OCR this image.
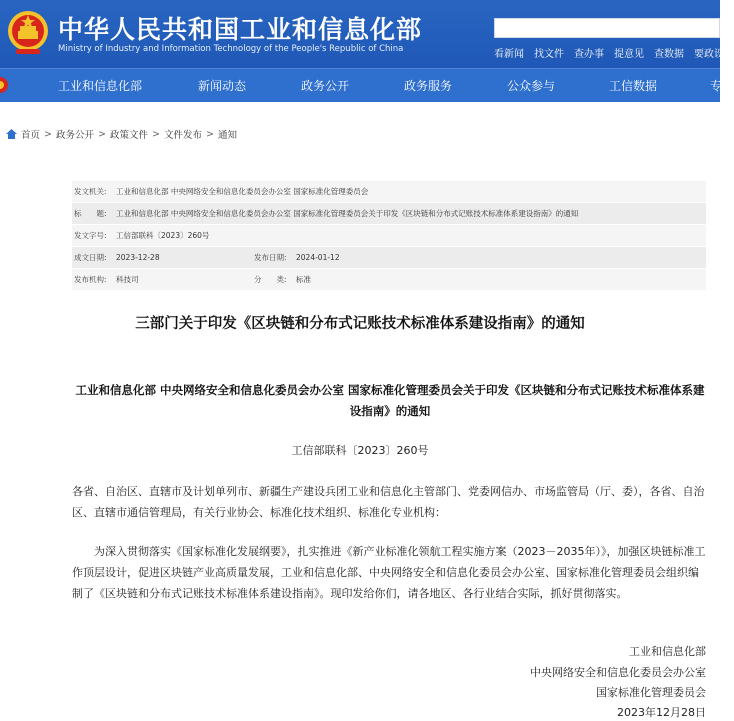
中华人民共和国工业和信息化部
Ministry of Industry and Information Technology of the People's Republic of China	看新闻 找文件 查办事 提意见 查数据 要政设
工业和信息化部	新闻动态	政务公开	政务服务	公众参与	工信数据	专
首页 > 政务公开 > 政策文件 > 文件发布 > 通知
发文机关:	工业和信息化部 中央网络安全和信息化委员会办公室 国家标准化管理委员会
标　　题:	工业和信息化部 中央网络安全和信息化委员会办公室 国家标准化管理委员会关于印发《区块链和分布式记账技术标准体系建设指南》的通知
发文字号:	工信部联科〔2023〕260号
成文日期:	2023-12-28	发布日期:	2024-01-12
发布机构:	科技司	分　　类:	标准
三部门关于印发《区块链和分布式记账技术标准体系建设指南》的通知
工业和信息化部 中央网络安全和信息化委员会办公室 国家标准化管理委员会关于印发《区块链和分布式记账技术标准体系建设指南》的通知
工信部联科〔2023〕260号
各省、自治区、直辖市及计划单列市、新疆生产建设兵团工业和信息化主管部门、党委网信办、市场监管局（厅、委），各省、自治区、直辖市通信管理局，有关行业协会、标准化技术组织、标准化专业机构：
为深入贯彻落实《国家标准化发展纲要》，扎实推进《新产业标准化领航工程实施方案（2023－2035年）》，加强区块链标准工作顶层设计，促进区块链产业高质量发展，工业和信息化部、中央网络安全和信息化委员会办公室、国家标准化管理委员会组织编制了《区块链和分布式记账技术标准体系建设指南》。现印发给你们，请各地区、各行业结合实际，抓好贯彻落实。
工业和信息化部
中央网络安全和信息化委员会办公室
国家标准化管理委员会
2023年12月28日
